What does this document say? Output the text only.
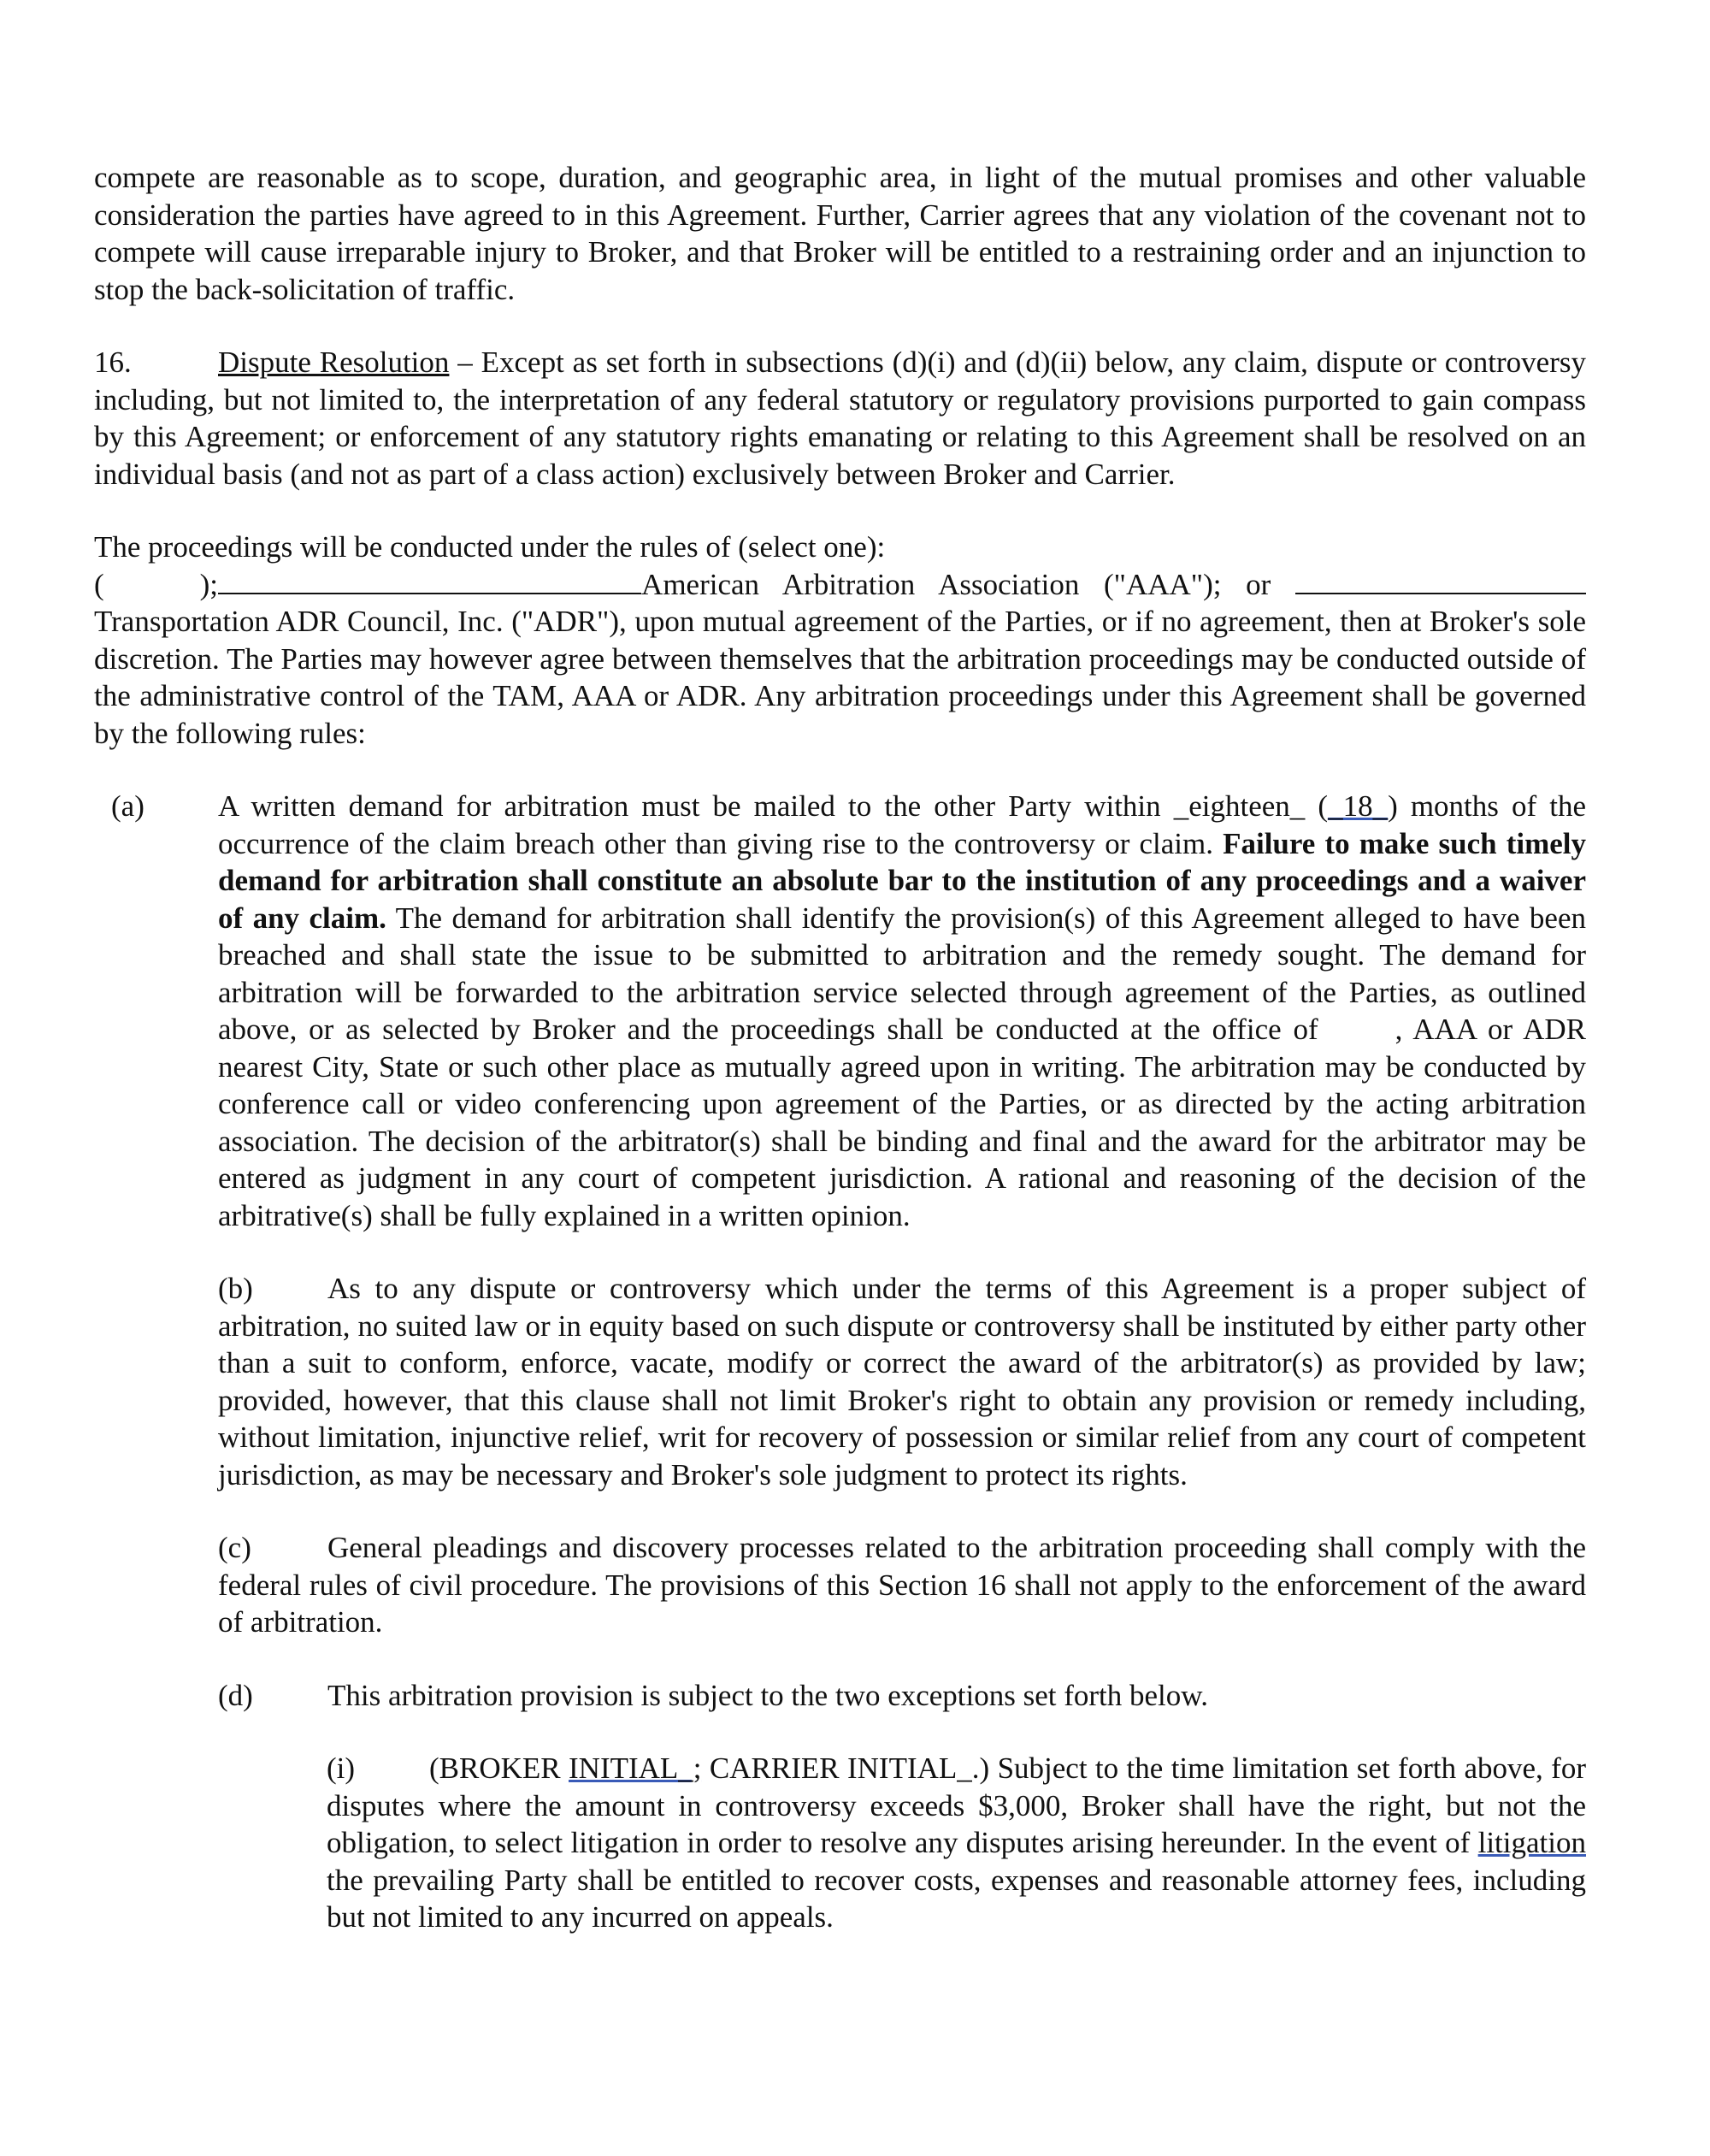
compete are reasonable as to scope, duration, and geographic area, in light of the mutual promises and other valuable consideration the parties have agreed to in this Agreement. Further, Carrier agrees that any violation of the covenant not to compete will cause irreparable injury to Broker, and that Broker will be entitled to a restraining order and an injunction to stop the back-solicitation of traffic.

16.	Dispute Resolution – Except as set forth in subsections (d)(i) and (d)(ii) below, any claim, dispute or controversy including, but not limited to, the interpretation of any federal statutory or regulatory provisions purported to gain compass by this Agreement; or enforcement of any statutory rights emanating or relating to this Agreement shall be resolved on an individual basis (and not as part of a class action) exclusively between Broker and Carrier.

The proceedings will be conducted under the rules of (select one):
(	);	American Arbitration Association ("AAA"); or  Transportation ADR Council, Inc. ("ADR"), upon mutual agreement of the Parties, or if no agreement, then at Broker's sole discretion. The Parties may however agree between themselves that the arbitration proceedings may be conducted outside of the administrative control of the TAM, AAA or ADR. Any arbitration proceedings under this Agreement shall be governed by the following rules:

(a) A written demand for arbitration must be mailed to the other Party within _eighteen_ (_18_) months of the occurrence of the claim breach other than giving rise to the controversy or claim. Failure to make such timely demand for arbitration shall constitute an absolute bar to the institution of any proceedings and a waiver of any claim. The demand for arbitration shall identify the provision(s) of this Agreement alleged to have been breached and shall state the issue to be submitted to arbitration and the remedy sought. The demand for arbitration will be forwarded to the arbitration service selected through agreement of the Parties, as outlined above, or as selected by Broker and the proceedings shall be conducted at the office of	, AAA or ADR nearest City, State or such other place as mutually agreed upon in writing. The arbitration may be conducted by conference call or video conferencing upon agreement of the Parties, or as directed by the acting arbitration association. The decision of the arbitrator(s) shall be binding and final and the award for the arbitrator may be entered as judgment in any court of competent jurisdiction. A rational and reasoning of the decision of the arbitrative(s) shall be fully explained in a written opinion.

(b) As to any dispute or controversy which under the terms of this Agreement is a proper subject of arbitration, no suited law or in equity based on such dispute or controversy shall be instituted by either party other than a suit to conform, enforce, vacate, modify or correct the award of the arbitrator(s) as provided by law; provided, however, that this clause shall not limit Broker's right to obtain any provision or remedy including, without limitation, injunctive relief, writ for recovery of possession or similar relief from any court of competent jurisdiction, as may be necessary and Broker's sole judgment to protect its rights.

(c)	General pleadings and discovery processes related to the arbitration proceeding shall comply with the federal rules of civil procedure. The provisions of this Section 16 shall not apply to the enforcement of the award of arbitration.

(d) This arbitration provision is subject to the two exceptions set forth below.

(i) (BROKER INITIAL_; CARRIER INITIAL_.) Subject to the time limitation set forth above, for disputes where the amount in controversy exceeds $3,000, Broker shall have the right, but not the obligation, to select litigation in order to resolve any disputes arising hereunder. In the event of litigation the prevailing Party shall be entitled to recover costs, expenses and reasonable attorney fees, including but not limited to any incurred on appeals.
